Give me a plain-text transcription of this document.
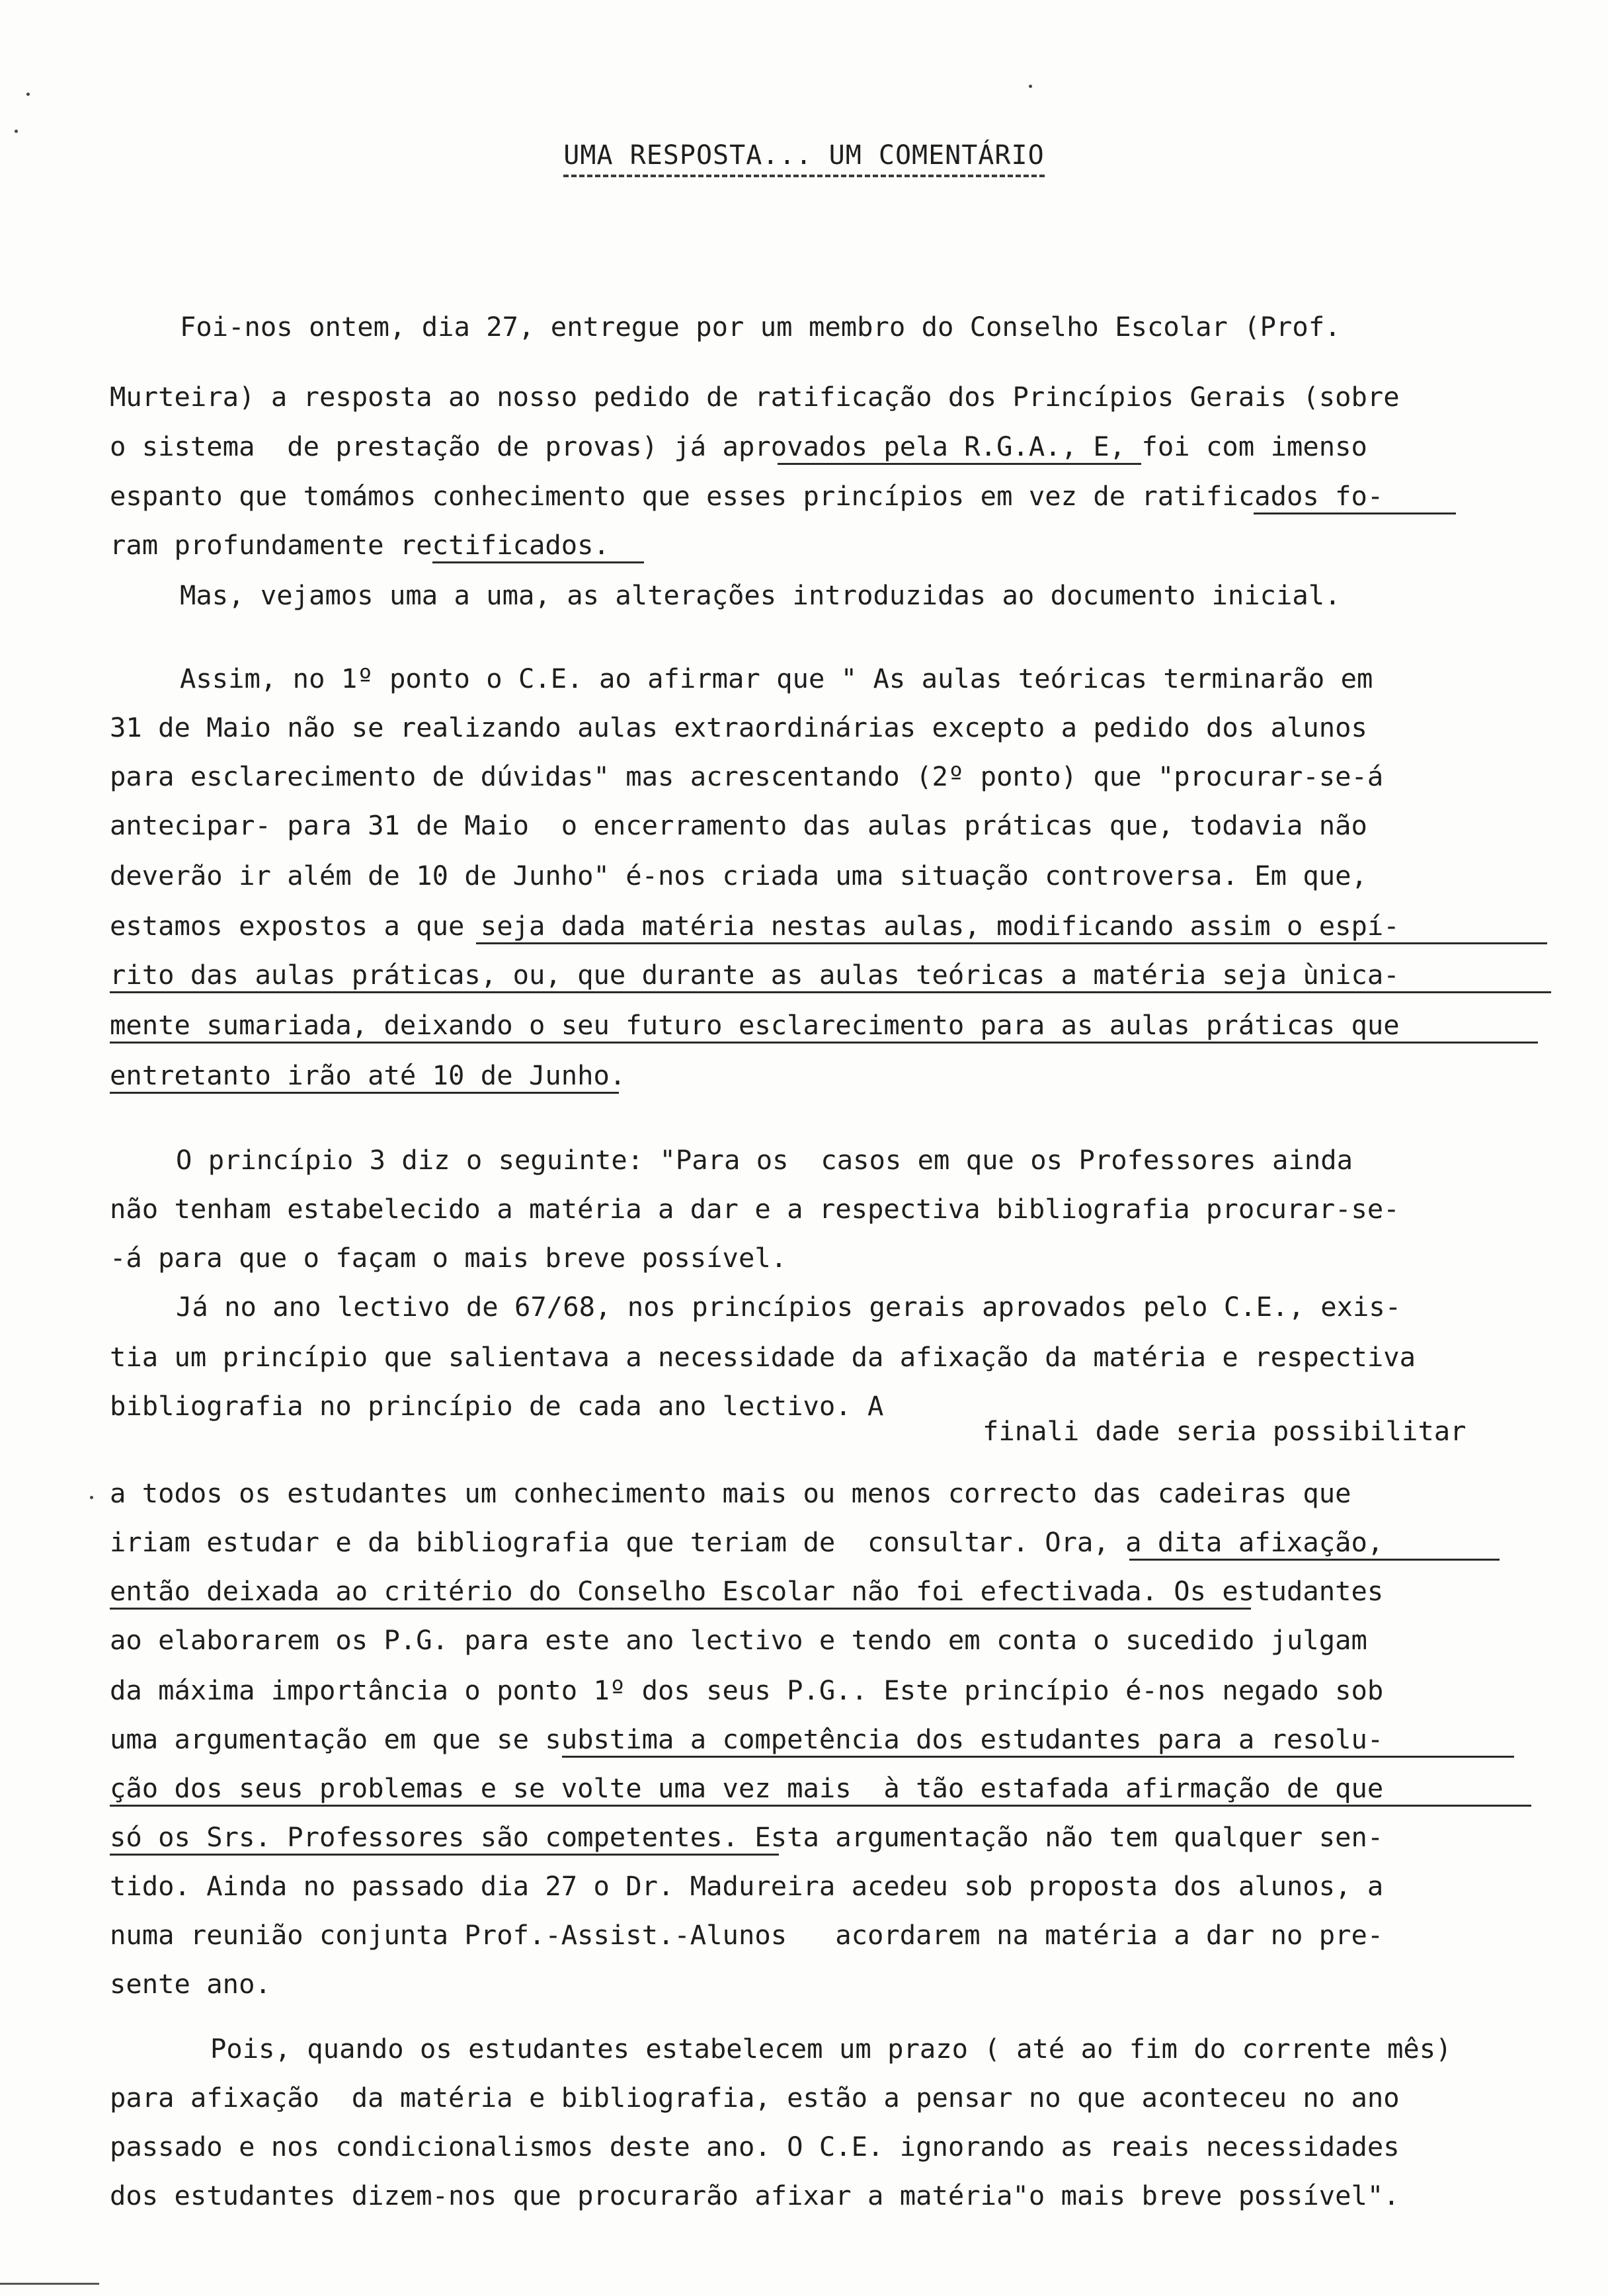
UMA RESPOSTA... UM COMENTÁRIO
Foi-nos ontem, dia 27, entregue por um membro do Conselho Escolar (Prof.
Murteira) a resposta ao nosso pedido de ratificação dos Princípios Gerais (sobre
o sistema  de prestação de provas) já aprovados pela R.G.A., E, foi com imenso
espanto que tomámos conhecimento que esses princípios em vez de ratificados fo-
ram profundamente rectificados.
Mas, vejamos uma a uma, as alterações introduzidas ao documento inicial.
Assim, no 1º ponto o C.E. ao afirmar que " As aulas teóricas terminarão em
31 de Maio não se realizando aulas extraordinárias excepto a pedido dos alunos
para esclarecimento de dúvidas" mas acrescentando (2º ponto) que "procurar-se-á
antecipar- para 31 de Maio  o encerramento das aulas práticas que, todavia não
deverão ir além de 10 de Junho" é-nos criada uma situação controversa. Em que,
estamos expostos a que seja dada matéria nestas aulas, modificando assim o espí-
rito das aulas práticas, ou, que durante as aulas teóricas a matéria seja ùnica-
mente sumariada, deixando o seu futuro esclarecimento para as aulas práticas que
entretanto irão até 10 de Junho.
O princípio 3 diz o seguinte: "Para os  casos em que os Professores ainda
não tenham estabelecido a matéria a dar e a respectiva bibliografia procurar-se-
-á para que o façam o mais breve possível.
Já no ano lectivo de 67/68, nos princípios gerais aprovados pelo C.E., exis-
tia um princípio que salientava a necessidade da afixação da matéria e respectiva
bibliografia no princípio de cada ano lectivo. A
finali dade seria possibilitar
a todos os estudantes um conhecimento mais ou menos correcto das cadeiras que
iriam estudar e da bibliografia que teriam de  consultar. Ora, a dita afixação,
então deixada ao critério do Conselho Escolar não foi efectivada. Os estudantes
ao elaborarem os P.G. para este ano lectivo e tendo em conta o sucedido julgam
da máxima importância o ponto 1º dos seus P.G.. Este princípio é-nos negado sob
uma argumentação em que se substima a competência dos estudantes para a resolu-
ção dos seus problemas e se volte uma vez mais  à tão estafada afirmação de que
só os Srs. Professores são competentes. Esta argumentação não tem qualquer sen-
tido. Ainda no passado dia 27 o Dr. Madureira acedeu sob proposta dos alunos, a
numa reunião conjunta Prof.-Assist.-Alunos   acordarem na matéria a dar no pre-
sente ano.
Pois, quando os estudantes estabelecem um prazo ( até ao fim do corrente mês)
para afixação  da matéria e bibliografia, estão a pensar no que aconteceu no ano
passado e nos condicionalismos deste ano. O C.E. ignorando as reais necessidades
dos estudantes dizem-nos que procurarão afixar a matéria"o mais breve possível".
